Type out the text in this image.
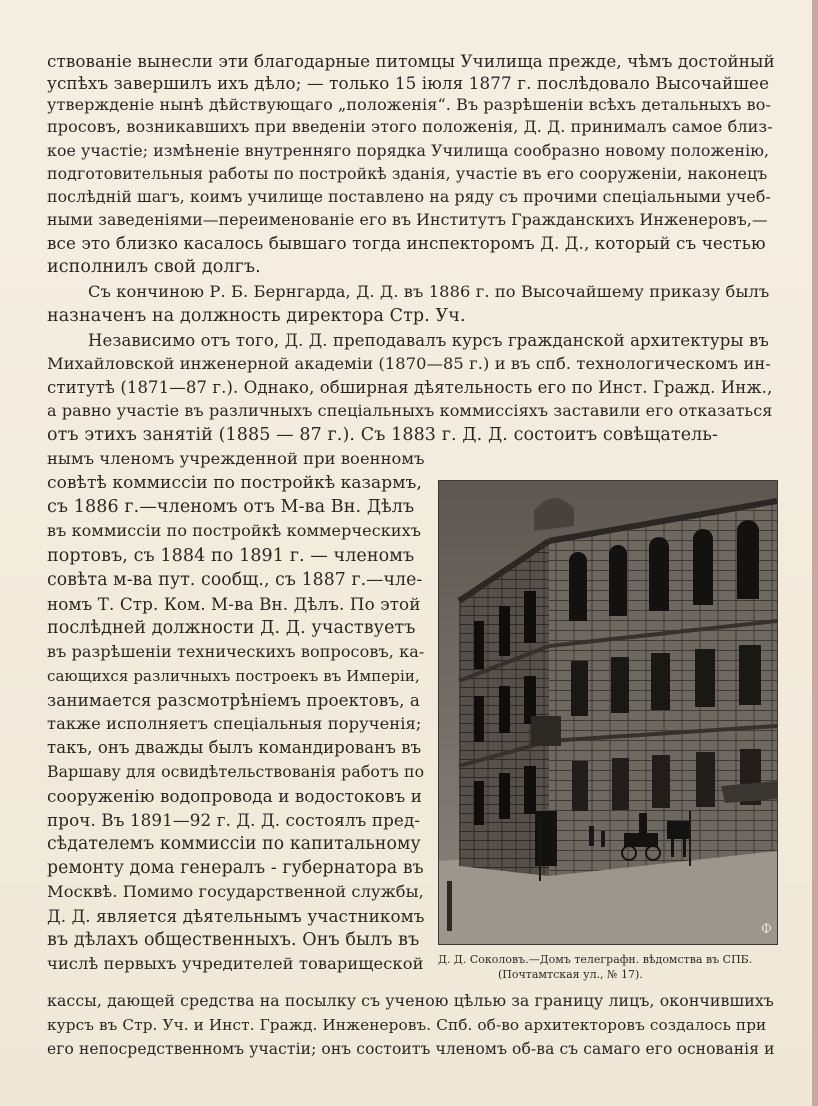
ствованіе вынесли эти благодарные питомцы Училища прежде, чѣмъ достойный
успѣхъ завершилъ ихъ дѣло; — только 15 іюля 1877 г. послѣдовало Высочайшее
утвержденіе нынѣ дѣйствующаго „положенія“. Въ разрѣшеніи всѣхъ детальныхъ во-
просовъ, возникавшихъ при введеніи этого положенія, Д. Д. принималъ самое близ-
кое участіе; измѣненіе внутренняго порядка Училища сообразно новому положенію,
подготовительныя работы по постройкѣ зданія, участіе въ его сооруженіи, наконецъ
послѣдній шагъ, коимъ училище поставлено на ряду съ прочими спеціальными учеб-
ными заведеніями—переименованіе его въ Институтъ Гражданскихъ Инженеровъ,—
все это близко касалось бывшаго тогда инспекторомъ Д. Д., который съ честью
исполнилъ свой долгъ.
Съ кончиною Р. Б. Бернгарда, Д. Д. въ 1886 г. по Высочайшему приказу былъ
назначенъ на должность директора Стр. Уч.
Независимо отъ того, Д. Д. преподавалъ курсъ гражданской архитектуры въ
Михайловской инженерной академіи (1870—85 г.) и въ спб. технологическомъ ин-
ститутѣ (1871—87 г.). Однако, обширная дѣятельность его по Инст. Гражд. Инж.,
а равно участіе въ различныхъ спеціальныхъ коммиссіяхъ заставили его отказаться
отъ этихъ занятій (1885 — 87 г.). Съ 1883 г. Д. Д. состоитъ совѣщатель-
нымъ членомъ учрежденной при военномъ
совѣтѣ коммиссіи по постройкѣ казармъ,
съ 1886 г.—членомъ отъ М-ва Вн. Дѣлъ
въ коммиссіи по постройкѣ коммерческихъ
портовъ, съ 1884 по 1891 г. — членомъ
совѣта м-ва пут. сообщ., съ 1887 г.—чле-
номъ Т. Стр. Ком. М-ва Вн. Дѣлъ. По этой
послѣдней должности Д. Д. участвуетъ
въ разрѣшеніи техническихъ вопросовъ, ка-
сающихся различныхъ построекъ въ Имперіи,
занимается разсмотрѣніемъ проектовъ, а
также исполняетъ спеціальныя порученія;
такъ, онъ дважды былъ командированъ въ
Варшаву для освидѣтельствованія работъ по
сооруженію водопровода и водостоковъ и
проч. Въ 1891—92 г. Д. Д. состоялъ пред-
сѣдателемъ коммиссіи по капитальному
ремонту дома генералъ - губернатора въ
Москвѣ. Помимо государственной службы,
Д. Д. является дѣятельнымъ участникомъ
въ дѣлахъ общественныхъ. Онъ былъ въ
числѣ первыхъ учредителей товарищеской
Ф
Д. Д. Соколовъ.—Домъ телеграфн. вѣдомства въ СПБ.
(Почтамтская ул., № 17).
кассы, дающей средства на посылку съ ученою цѣлью за границу лицъ, окончившихъ
курсъ въ Стр. Уч. и Инст. Гражд. Инженеровъ. Спб. об-во архитекторовъ создалось при
его непосредственномъ участіи; онъ состоитъ членомъ об-ва съ самаго его основанія и
